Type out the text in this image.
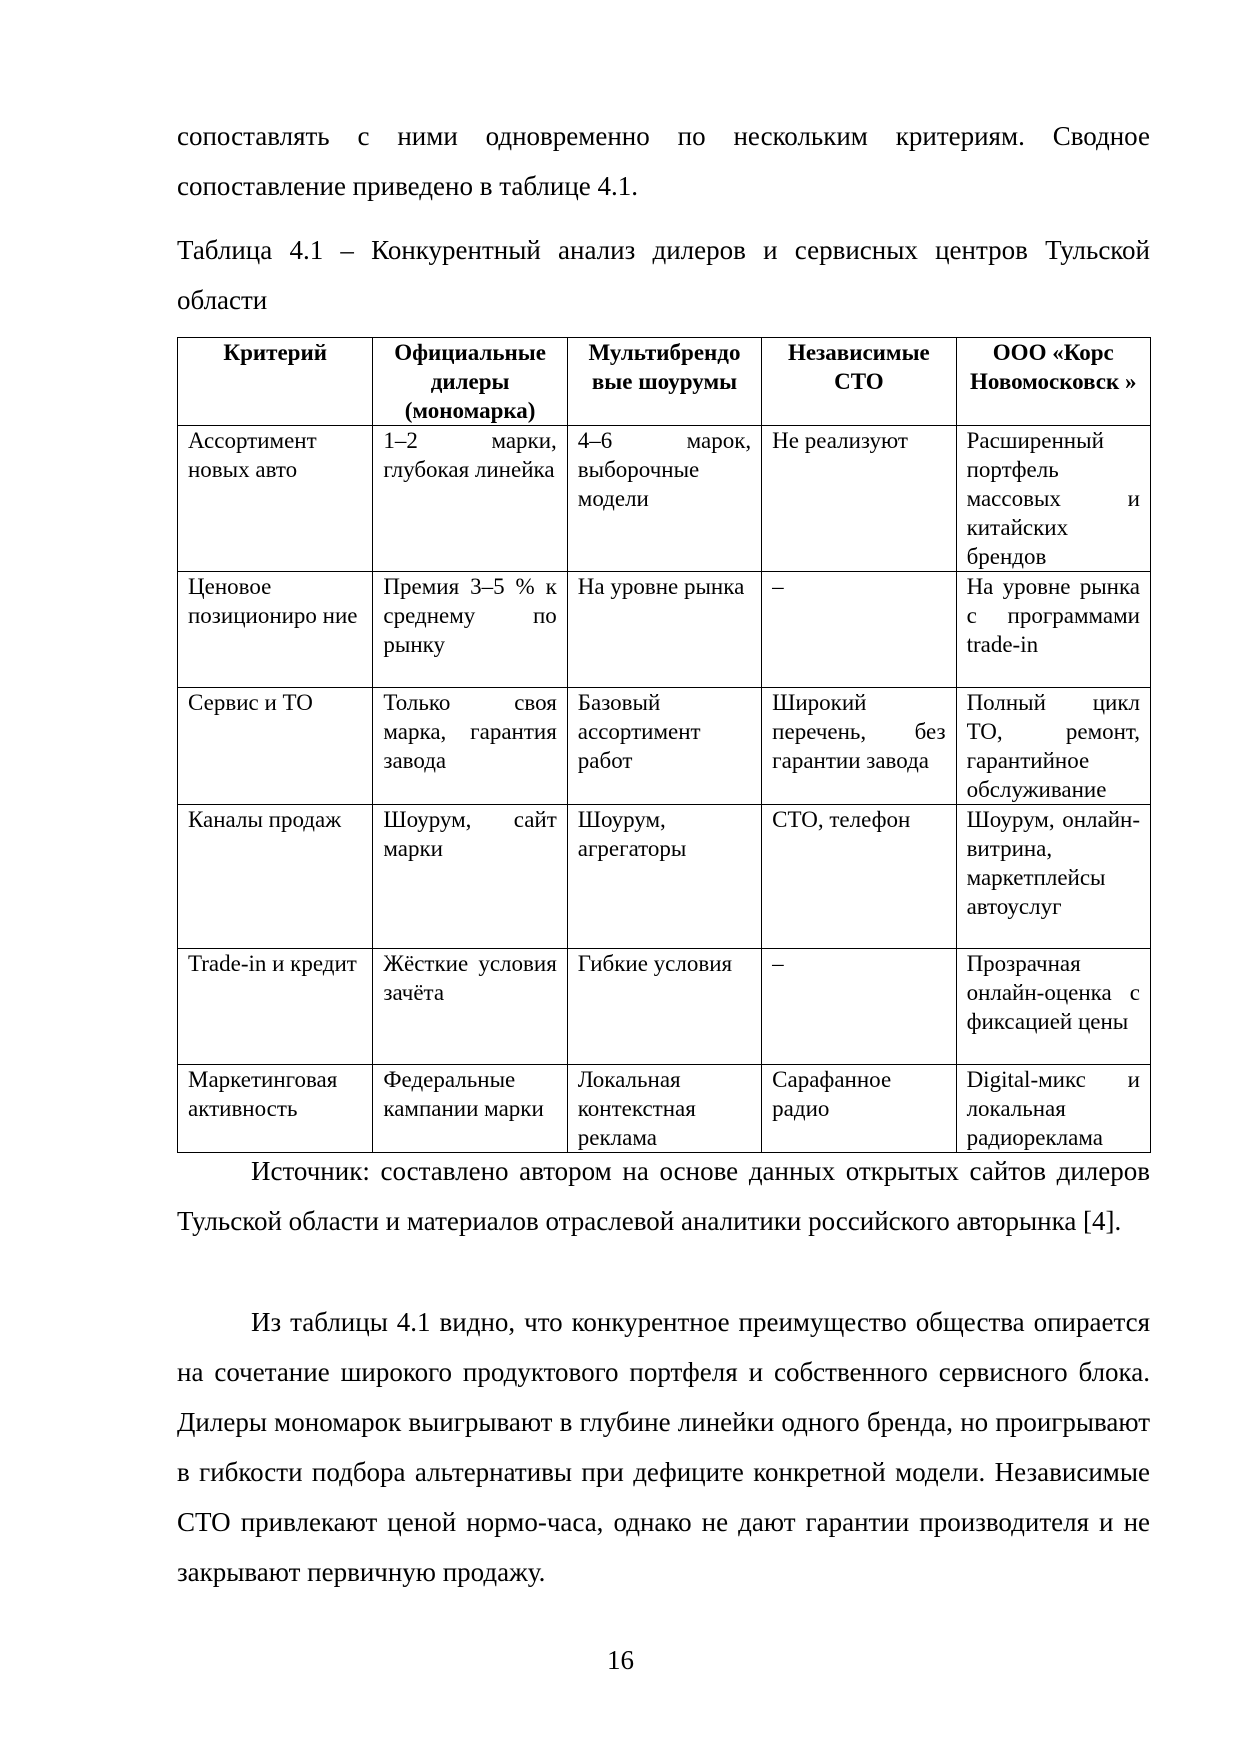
сопоставлять с ними одновременно по нескольким критериям. Сводное сопоставление приведено в таблице 4.1.

Таблица 4.1 – Конкурентный анализ дилеров и сервисных центров Тульской области

Критерий	Официальные дилеры (мономарка)	Мультибрендо вые шоурумы	Независимые СТО	ООО «Корс Новомосковск »
Ассортимент новых авто	1–2 марки, глубокая линейка	4–6 марок, выборочные модели	Не реализуют	Расширенный портфель массовых и китайских брендов
Ценовое позициониро ние	Премия 3–5 % к среднему по рынку	На уровне рынка	–	На уровне рынка с программами trade-in
Сервис и ТО	Только своя марка, гарантия завода	Базовый ассортимент работ	Широкий перечень, без гарантии завода	Полный цикл ТО, ремонт, гарантийное обслуживание
Каналы продаж	Шоурум, сайт марки	Шоурум, агрегаторы	СТО, телефон	Шоурум, онлайн-витрина, маркетплейсы автоуслуг
Trade-in и кредит	Жёсткие условия зачёта	Гибкие условия	–	Прозрачная онлайн-оценка с фиксацией цены
Маркетинговая активность	Федеральные кампании марки	Локальная контекстная реклама	Сарафанное радио	Digital-микс и локальная радиореклама

Источник: составлено автором на основе данных открытых сайтов дилеров Тульской области и материалов отраслевой аналитики российского авторынка [4].

Из таблицы 4.1 видно, что конкурентное преимущество общества опирается на сочетание широкого продуктового портфеля и собственного сервисного блока. Дилеры мономарок выигрывают в глубине линейки одного бренда, но проигрывают в гибкости подбора альтернативы при дефиците конкретной модели. Независимые СТО привлекают ценой нормо-часа, однако не дают гарантии производителя и не закрывают первичную продажу.

16
